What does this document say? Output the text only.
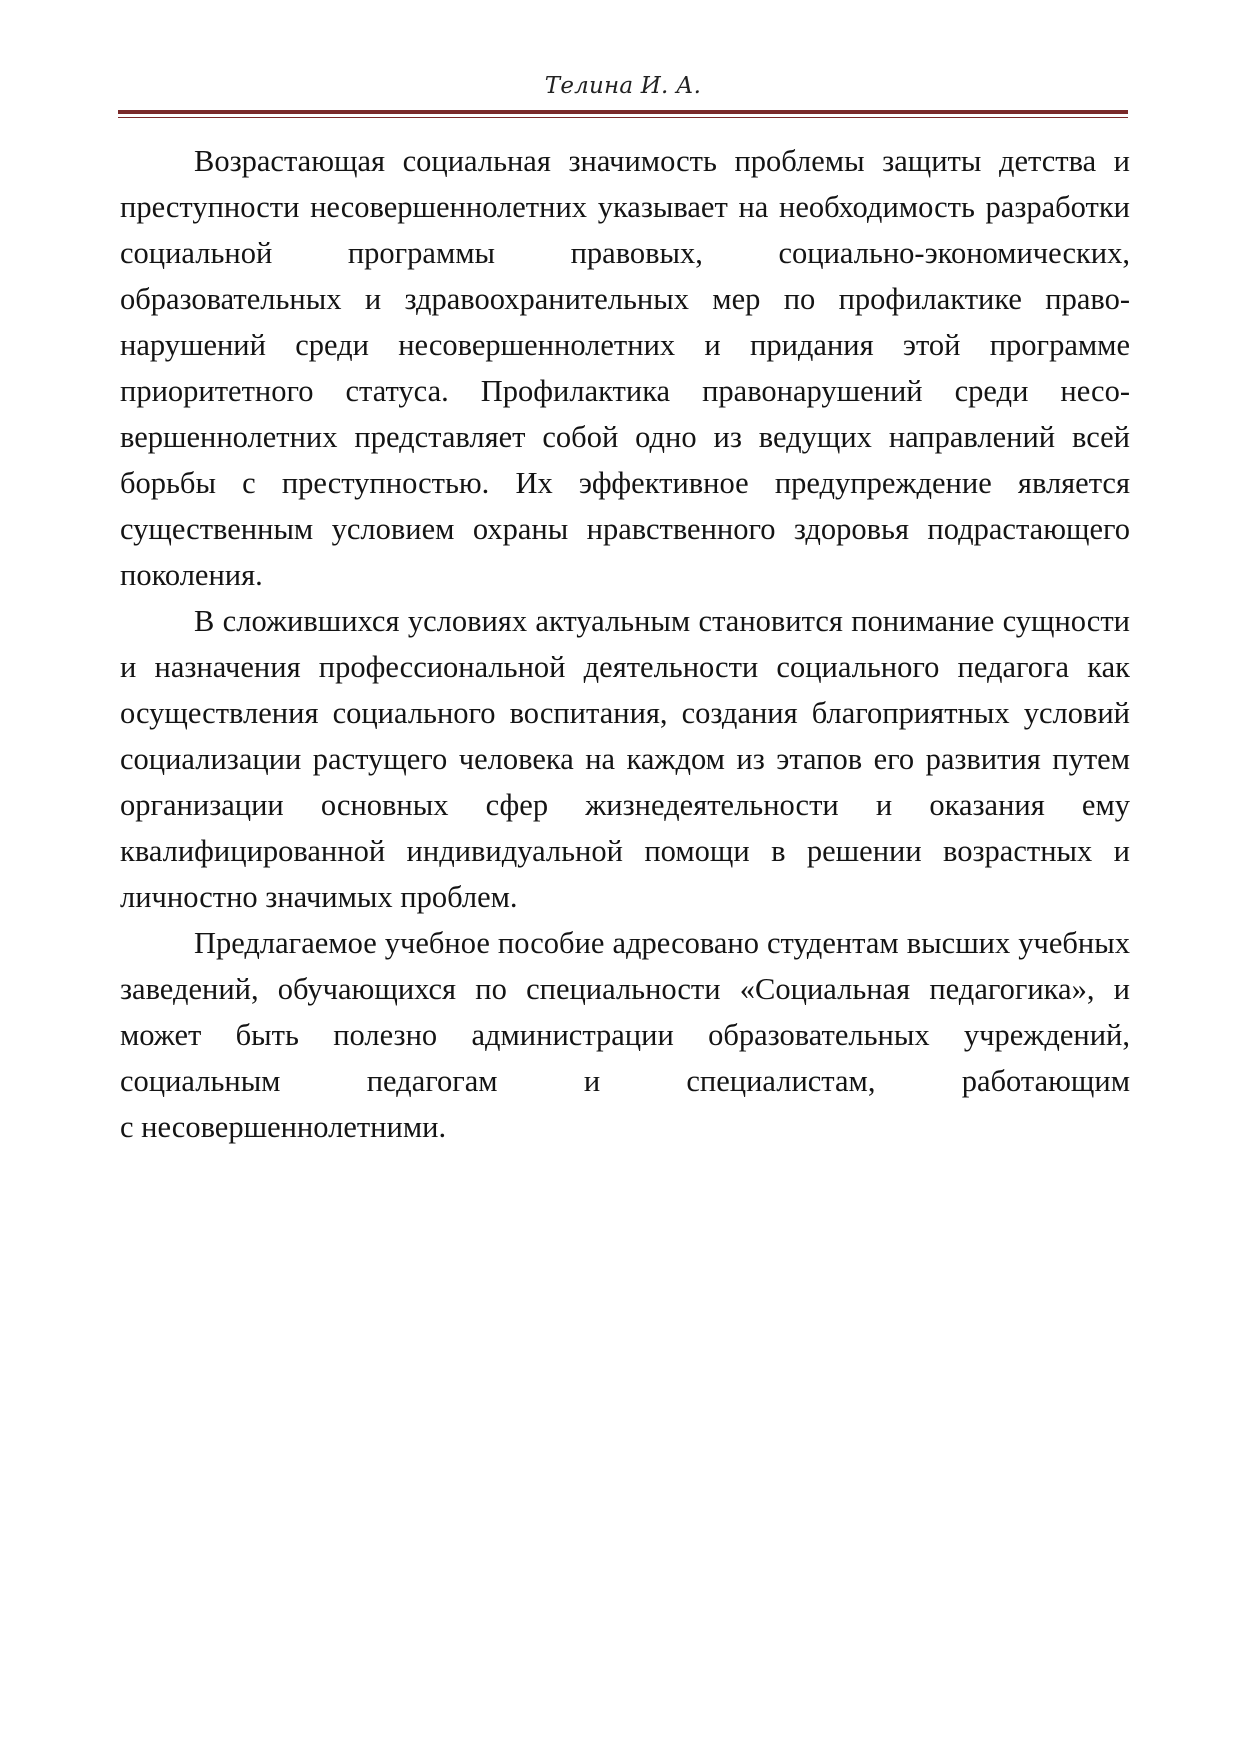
Телина И. А.

Возрастающая социальная значимость проблемы защиты детства и преступности несовершеннолетних указывает на необходимость разработки социальной программы правовых, социально-экономических, образовательных и здравоохранительных мер по профилактике правонарушений среди несовершеннолетних и придания этой программе приоритетного статуса. Профилактика правонарушений среди несовершеннолетних представляет собой одно из ведущих направлений всей борьбы с преступностью. Их эффективное предупреждение является существенным условием охраны нравственного здоровья подрастающего поколения.

В сложившихся условиях актуальным становится понимание сущности и назначения профессиональной деятельности социального педагога как осуществления социального воспитания, создания благоприятных условий социализации растущего человека на каждом из этапов его развития путем организации основных сфер жизнедеятельности и оказания ему квалифицированной индивидуальной помощи в решении возрастных и личностно значимых проблем.

Предлагаемое учебное пособие адресовано студентам высших учебных заведений, обучающихся по специальности «Социальная педагогика», и может быть полезно администрации образовательных учреждений, социальным педагогам и специалистам, работающим с несовершеннолетними.
